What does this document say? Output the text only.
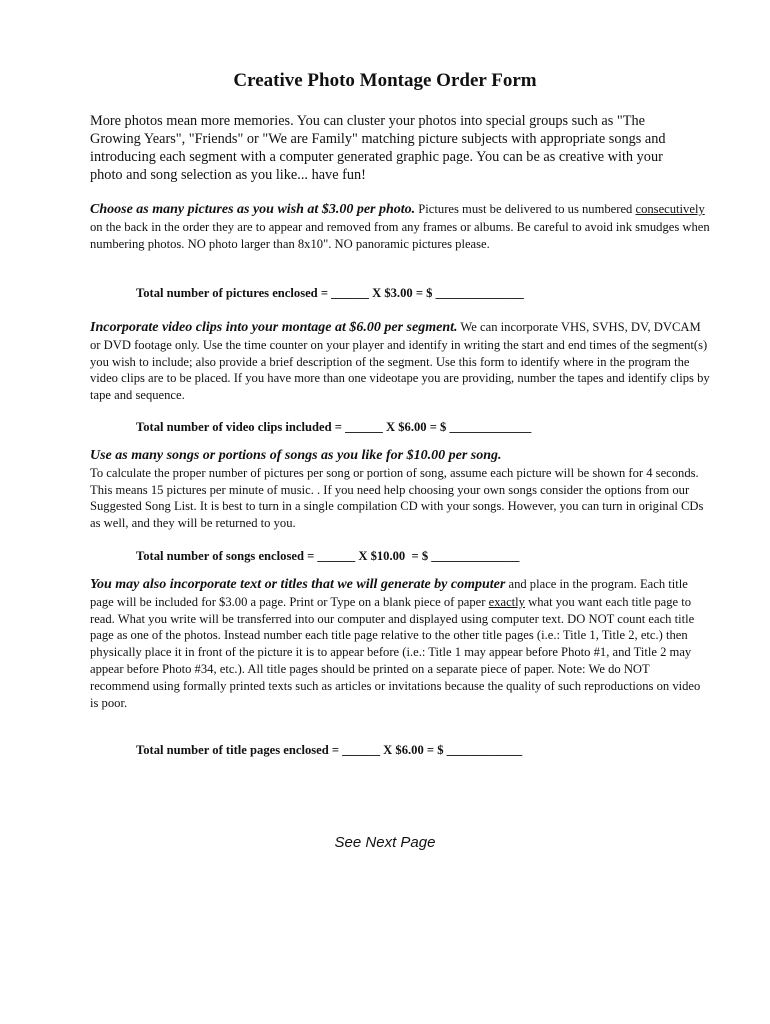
Creative Photo Montage Order Form
More photos mean more memories. You can cluster your photos into special groups such as "The Growing Years", "Friends" or "We are Family" matching picture subjects with appropriate songs and introducing each segment with a computer generated graphic page. You can be as creative with your photo and song selection as you like... have fun!
Choose as many pictures as you wish at $3.00 per photo. Pictures must be delivered to us numbered consecutively on the back in the order they are to appear and removed from any frames or albums. Be careful to avoid ink smudges when numbering photos. NO photo larger than 8x10". NO panoramic pictures please.
Total number of pictures enclosed = ______ X $3.00 = $ ______________
Incorporate video clips into your montage at $6.00 per segment. We can incorporate VHS, SVHS, DV, DVCAM or DVD footage only. Use the time counter on your player and identify in writing the start and end times of the segment(s) you wish to include; also provide a brief description of the segment. Use this form to identify where in the program the video clips are to be placed. If you have more than one videotape you are providing, number the tapes and identify clips by tape and sequence.
Total number of video clips included = ______ X $6.00 = $ _____________
Use as many songs or portions of songs as you like for $10.00 per song.
To calculate the proper number of pictures per song or portion of song, assume each picture will be shown for 4 seconds. This means 15 pictures per minute of music. . If you need help choosing your own songs consider the options from our Suggested Song List. It is best to turn in a single compilation CD with your songs. However, you can turn in original CDs as well, and they will be returned to you.
Total number of songs enclosed = ______ X $10.00  = $ ______________
You may also incorporate text or titles that we will generate by computer and place in the program. Each title page will be included for $3.00 a page. Print or Type on a blank piece of paper exactly what you want each title page to read. What you write will be transferred into our computer and displayed using computer text. DO NOT count each title page as one of the photos. Instead number each title page relative to the other title pages (i.e.: Title 1, Title 2, etc.) then physically place it in front of the picture it is to appear before (i.e.: Title 1 may appear before Photo #1, and Title 2 may appear before Photo #34, etc.). All title pages should be printed on a separate piece of paper. Note: We do NOT recommend using formally printed texts such as articles or invitations because the quality of such reproductions on video is poor.
Total number of title pages enclosed = ______ X $6.00 = $ ____________
See Next Page
